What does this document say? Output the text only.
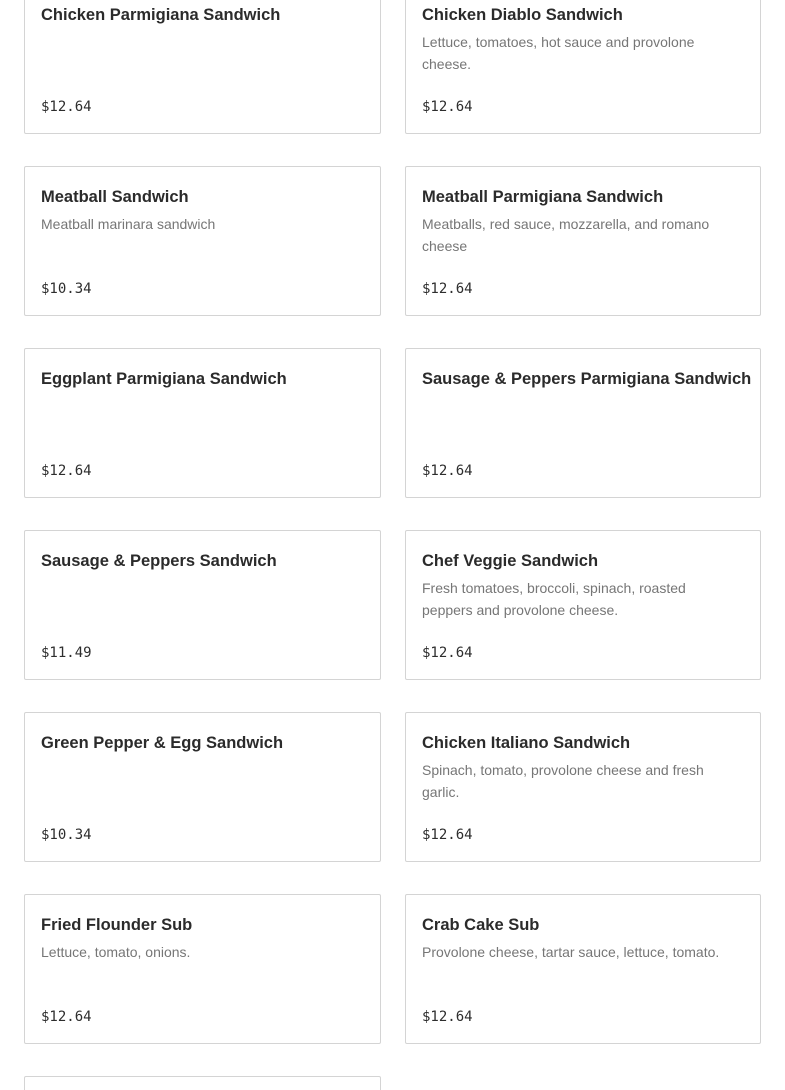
Chicken Parmigiana Sandwich
$12.64
Chicken Diablo Sandwich
Lettuce, tomatoes, hot sauce and provolone cheese.
$12.64
Meatball Sandwich
Meatball marinara sandwich
$10.34
Meatball Parmigiana Sandwich
Meatballs, red sauce, mozzarella, and romano cheese
$12.64
Eggplant Parmigiana Sandwich
$12.64
Sausage & Peppers Parmigiana Sandwich
$12.64
Sausage & Peppers Sandwich
$11.49
Chef Veggie Sandwich
Fresh tomatoes, broccoli, spinach, roasted peppers and provolone cheese.
$12.64
Green Pepper & Egg Sandwich
$10.34
Chicken Italiano Sandwich
Spinach, tomato, provolone cheese and fresh garlic.
$12.64
Fried Flounder Sub
Lettuce, tomato, onions.
$12.64
Crab Cake Sub
Provolone cheese, tartar sauce, lettuce, tomato.
$12.64
